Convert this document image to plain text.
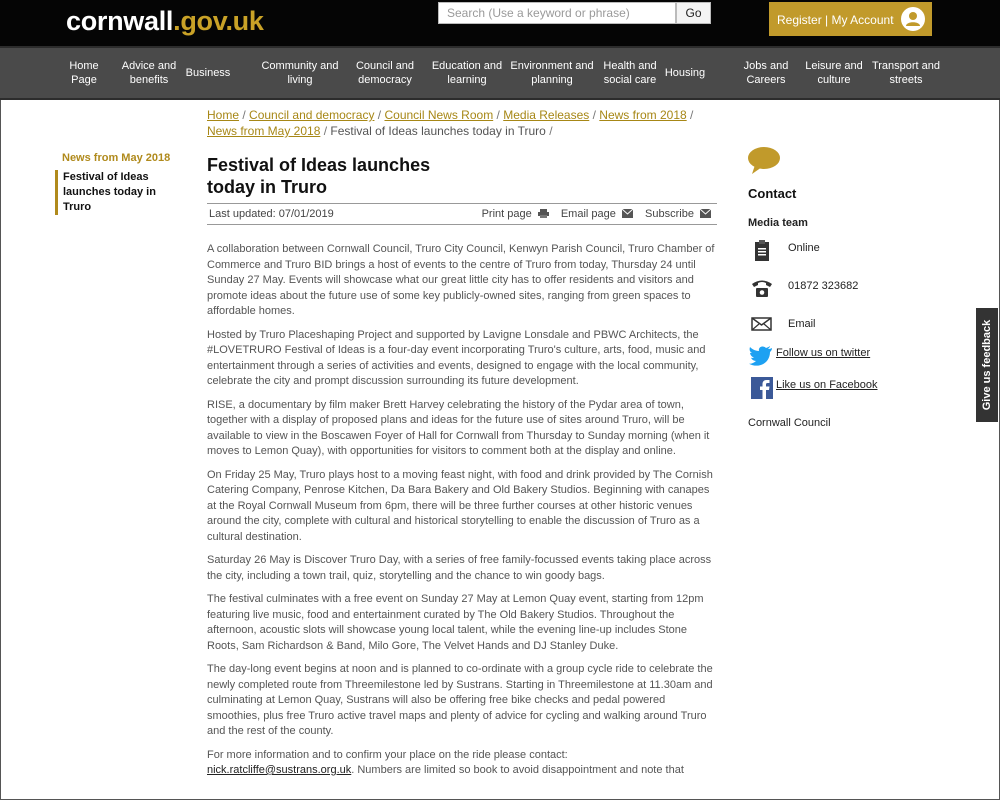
cornwall.gov.uk
Search (Use a keyword or phrase)	Go	Register | My Account
Home Page
Advice and benefits
Business
Community and living
Council and democracy
Education and learning
Environment and planning
Health and social care
Housing
Jobs and Careers
Leisure and culture
Transport and streets
Home / Council and democracy / Council News Room / Media Releases / News from 2018 / News from May 2018 / Festival of Ideas launches today in Truro /
News from May 2018
Festival of Ideas launches today in Truro
Festival of Ideas launches today in Truro
Last updated: 07/01/2019	Print page	Email page	Subscribe

A collaboration between Cornwall Council, Truro City Council, Kenwyn Parish Council, Truro Chamber of Commerce and Truro BID brings a host of events to the centre of Truro from today, Thursday 24 until Sunday 27 May. Events will showcase what our great little city has to offer residents and visitors and promote ideas about the future use of some key publicly-owned sites, ranging from green spaces to affordable homes.

Hosted by Truro Placeshaping Project and supported by Lavigne Lonsdale and PBWC Architects, the #LOVETRURO Festival of Ideas is a four-day event incorporating Truro's culture, arts, food, music and entertainment through a series of activities and events, designed to engage with the local community, celebrate the city and prompt discussion surrounding its future development.

RISE, a documentary by film maker Brett Harvey celebrating the history of the Pydar area of town, together with a display of proposed plans and ideas for the future use of sites around Truro, will be available to view in the Boscawen Foyer of Hall for Cornwall from Thursday to Sunday morning (when it moves to Lemon Quay), with opportunities for visitors to comment both at the display and online.

On Friday 25 May, Truro plays host to a moving feast night, with food and drink provided by The Cornish Catering Company, Penrose Kitchen, Da Bara Bakery and Old Bakery Studios. Beginning with canapes at the Royal Cornwall Museum from 6pm, there will be three further courses at other historic venues around the city, complete with cultural and historical storytelling to enable the discussion of Truro as a cultural destination.

Saturday 26 May is Discover Truro Day, with a series of free family-focussed events taking place across the city, including a town trail, quiz, storytelling and the chance to win goody bags.

The festival culminates with a free event on Sunday 27 May at Lemon Quay event, starting from 12pm featuring live music, food and entertainment curated by The Old Bakery Studios. Throughout the afternoon, acoustic slots will showcase young local talent, while the evening line-up includes Stone Roots, Sam Richardson & Band, Milo Gore, The Velvet Hands and DJ Stanley Duke.

The day-long event begins at noon and is planned to co-ordinate with a group cycle ride to celebrate the newly completed route from Threemilestone led by Sustrans. Starting in Threemilestone at 11.30am and culminating at Lemon Quay, Sustrans will also be offering free bike checks and pedal powered smoothies, plus free Truro active travel maps and plenty of advice for cycling and walking around Truro and the rest of the county.

For more information and to confirm your place on the ride please contact:
nick.ratcliffe@sustrans.org.uk. Numbers are limited so book to avoid disappointment and note that

Contact
Media team
Online
01872 323682
Email
Follow us on twitter
Like us on Facebook
Cornwall Council
Give us feedback
